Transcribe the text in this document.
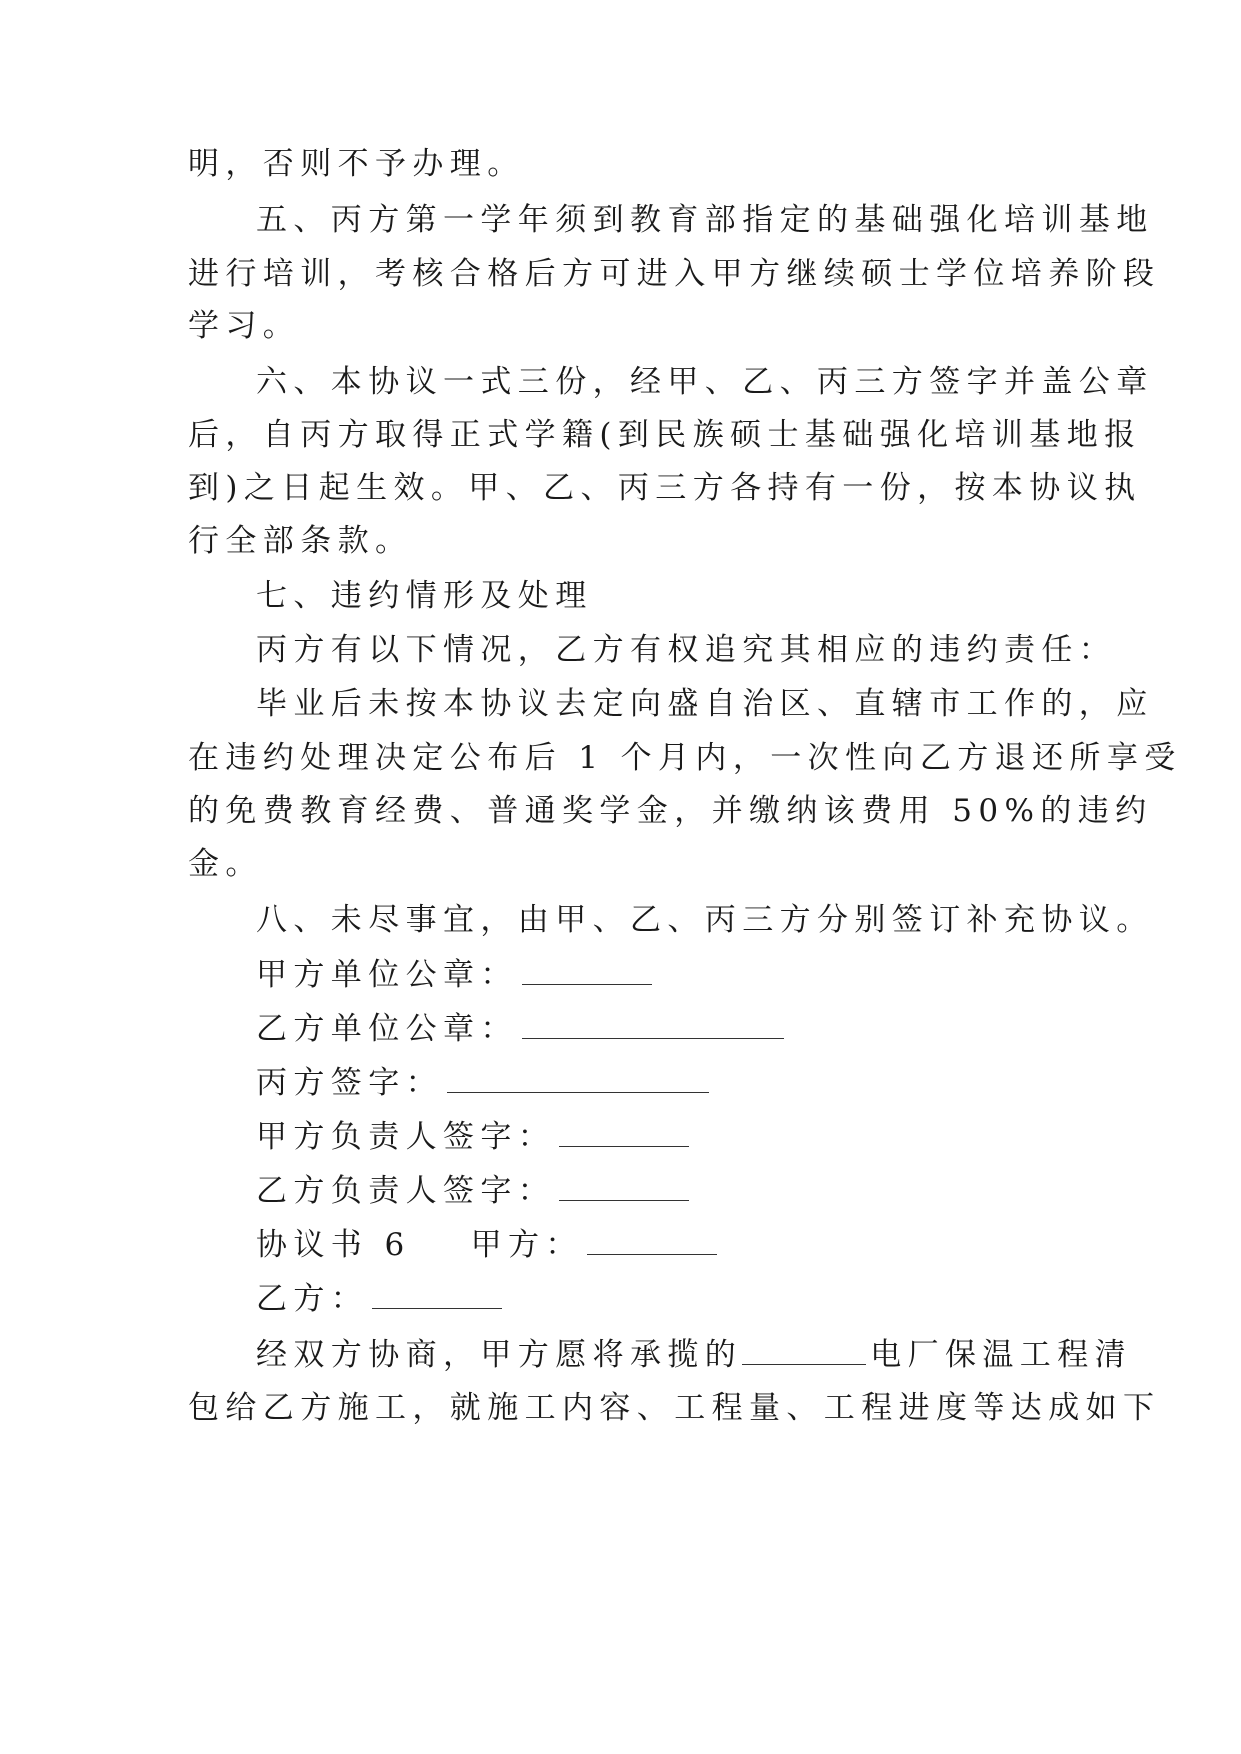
明，否则不予办理。
五、丙方第一学年须到教育部指定的基础强化培训基地
进行培训，考核合格后方可进入甲方继续硕士学位培养阶段
学习。
六、本协议一式三份，经甲、乙、丙三方签字并盖公章
后，自丙方取得正式学籍(到民族硕士基础强化培训基地报
到)之日起生效。甲、乙、丙三方各持有一份，按本协议执
行全部条款。
七、违约情形及处理
丙方有以下情况，乙方有权追究其相应的违约责任：
毕业后未按本协议去定向盛自治区、直辖市工作的，应
在违约处理决定公布后 1 个月内，一次性向乙方退还所享受
的免费教育经费、普通奖学金，并缴纳该费用 50%的违约
金。
八、未尽事宜，由甲、乙、丙三方分别签订补充协议。
甲方单位公章：
乙方单位公章：
丙方签字：
甲方负责人签字：
乙方负责人签字：
协议书 6 甲方：
乙方：
经双方协商，甲方愿将承揽的	电厂保温工程清
包给乙方施工，就施工内容、工程量、工程进度等达成如下
